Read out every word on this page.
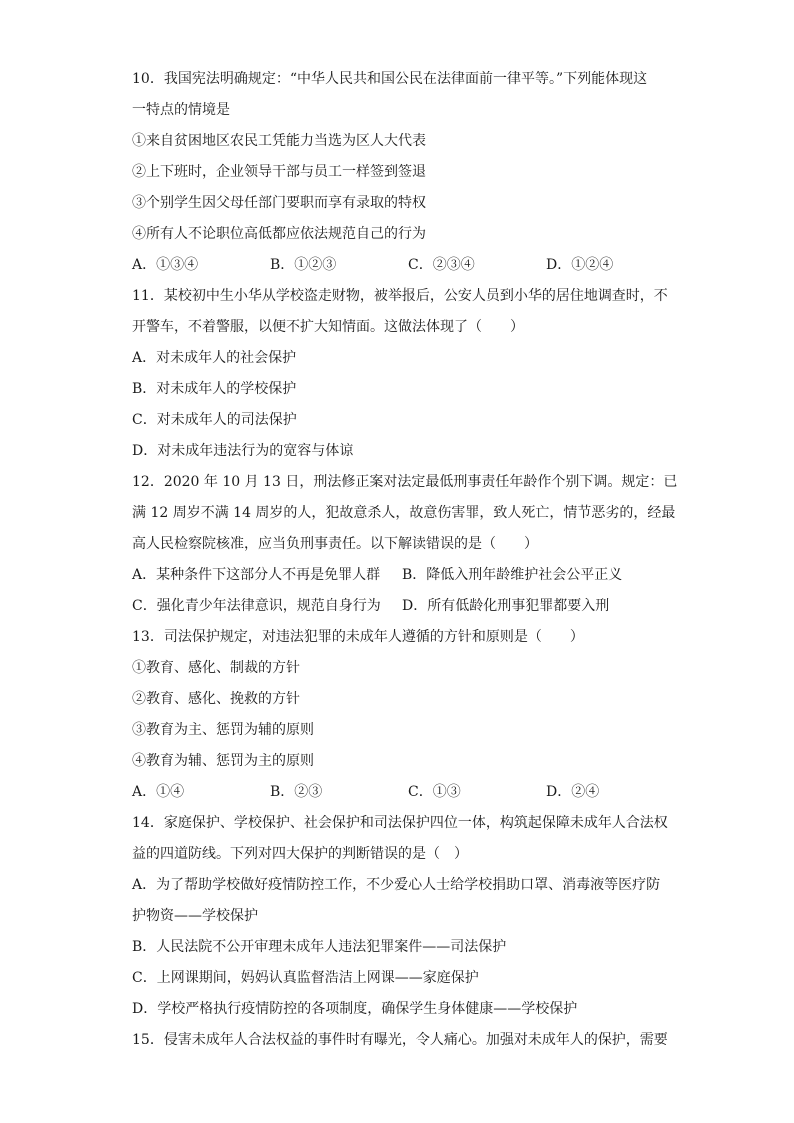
10．我国宪法明确规定：“中华人民共和国公民在法律面前一律平等。”下列能体现这
一特点的情境是
①来自贫困地区农民工凭能力当选为区人大代表
②上下班时，企业领导干部与员工一样签到签退
③个别学生因父母任部门要职而享有录取的特权
④所有人不论职位高低都应依法规范自己的行为
A．①③④	B．①②③	C．②③④	D．①②④
11．某校初中生小华从学校盗走财物，被举报后，公安人员到小华的居住地调查时，不
开警车，不着警服，以便不扩大知情面。这做法体现了（　　）
A．对未成年人的社会保护
B．对未成年人的学校保护
C．对未成年人的司法保护
D．对未成年违法行为的宽容与体谅
12．2020 年 10 月 13 日，刑法修正案对法定最低刑事责任年龄作个别下调。规定：已
满 12 周岁不满 14 周岁的人，犯故意杀人，故意伤害罪，致人死亡，情节恶劣的，经最
高人民检察院核准，应当负刑事责任。以下解读错误的是（　　）
A．某种条件下这部分人不再是免罪人群	B．降低入刑年龄维护社会公平正义
C．强化青少年法律意识，规范自身行为	D．所有低龄化刑事犯罪都要入刑
13．司法保护规定，对违法犯罪的未成年人遵循的方针和原则是（　　）
①教育、感化、制裁的方针
②教育、感化、挽救的方针
③教育为主、惩罚为辅的原则
④教育为辅、惩罚为主的原则
A．①④	B．②③	C．①③	D．②④
14．家庭保护、学校保护、社会保护和司法保护四位一体，构筑起保障未成年人合法权
益的四道防线。下列对四大保护的判断错误的是（　）
A．为了帮助学校做好疫情防控工作，不少爱心人士给学校捐助口罩、消毒液等医疗防
护物资——学校保护
B．人民法院不公开审理未成年人违法犯罪案件——司法保护
C．上网课期间，妈妈认真监督浩洁上网课——家庭保护
D．学校严格执行疫情防控的各项制度，确保学生身体健康——学校保护
15．侵害未成年人合法权益的事件时有曝光，令人痛心。加强对未成年人的保护，需要
